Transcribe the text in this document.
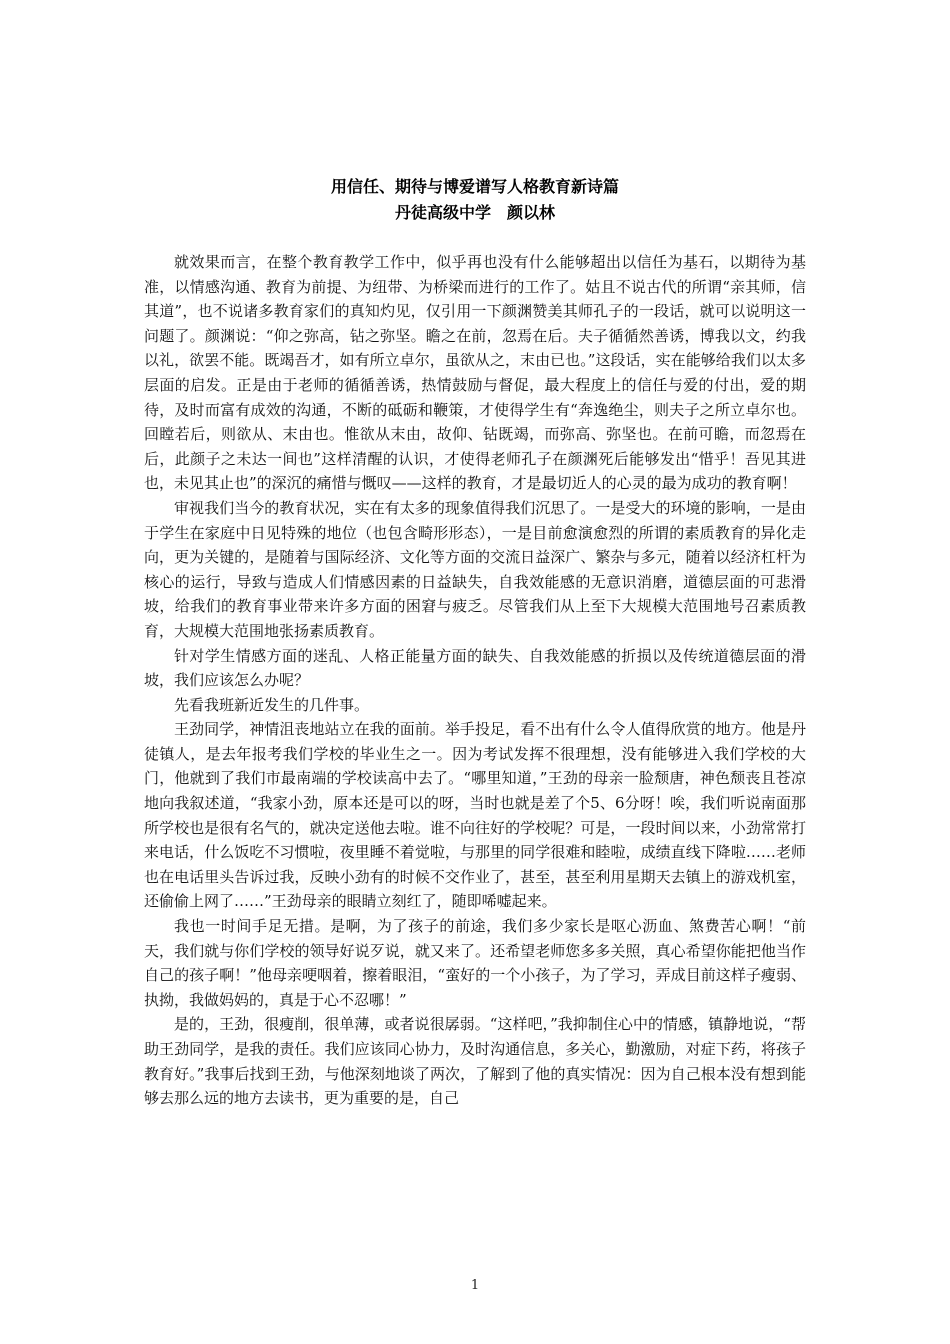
用信任、期待与博爱谱写人格教育新诗篇

丹徒高级中学　颜以林

就效果而言，在整个教育教学工作中，似乎再也没有什么能够超出以信任为基石，以期待为基准，以情感沟通、教育为前提、为纽带、为桥梁而进行的工作了。姑且不说古代的所谓“亲其师，信其道”，也不说诸多教育家们的真知灼见，仅引用一下颜渊赞美其师孔子的一段话，就可以说明这一问题了。颜渊说：“仰之弥高，钻之弥坚。瞻之在前，忽焉在后。夫子循循然善诱，博我以文，约我以礼，欲罢不能。既竭吾才，如有所立卓尔，虽欲从之，末由已也。”这段话，实在能够给我们以太多层面的启发。正是由于老师的循循善诱，热情鼓励与督促，最大程度上的信任与爱的付出，爱的期待，及时而富有成效的沟通，不断的砥砺和鞭策，才使得学生有“奔逸绝尘，则夫子之所立卓尔也。回瞠若后，则欲从、末由也。惟欲从末由，故仰、钻既竭，而弥高、弥坚也。在前可瞻，而忽焉在后，此颜子之未达一间也”这样清醒的认识，才使得老师孔子在颜渊死后能够发出“惜乎！吾见其进也，未见其止也”的深沉的痛惜与慨叹——这样的教育，才是最切近人的心灵的最为成功的教育啊！

审视我们当今的教育状况，实在有太多的现象值得我们沉思了。一是受大的环境的影响，一是由于学生在家庭中日见特殊的地位（也包含畸形形态），一是目前愈演愈烈的所谓的素质教育的异化走向，更为关键的，是随着与国际经济、文化等方面的交流日益深广、繁杂与多元，随着以经济杠杆为核心的运行，导致与造成人们情感因素的日益缺失，自我效能感的无意识消磨，道德层面的可悲滑坡，给我们的教育事业带来许多方面的困窘与疲乏。尽管我们从上至下大规模大范围地号召素质教育，大规模大范围地张扬素质教育。

针对学生情感方面的迷乱、人格正能量方面的缺失、自我效能感的折损以及传统道德层面的滑坡，我们应该怎么办呢？

先看我班新近发生的几件事。

王劲同学，神情沮丧地站立在我的面前。举手投足，看不出有什么令人值得欣赏的地方。他是丹徒镇人，是去年报考我们学校的毕业生之一。因为考试发挥不很理想，没有能够进入我们学校的大门，他就到了我们市最南端的学校读高中去了。“哪里知道，”王劲的母亲一脸颓唐，神色颓丧且苍凉地向我叙述道，“我家小劲，原本还是可以的呀，当时也就是差了个5、6分呀！唉，我们听说南面那所学校也是很有名气的，就决定送他去啦。谁不向往好的学校呢？可是，一段时间以来，小劲常常打来电话，什么饭吃不习惯啦，夜里睡不着觉啦，与那里的同学很难和睦啦，成绩直线下降啦……老师也在电话里头告诉过我，反映小劲有的时候不交作业了，甚至，甚至利用星期天去镇上的游戏机室，还偷偷上网了……”王劲母亲的眼睛立刻红了，随即唏嘘起来。

我也一时间手足无措。是啊，为了孩子的前途，我们多少家长是呕心沥血、煞费苦心啊！“前天，我们就与你们学校的领导好说歹说，就又来了。还希望老师您多多关照，真心希望你能把他当作自己的孩子啊！”他母亲哽咽着，擦着眼泪，“蛮好的一个小孩子，为了学习，弄成目前这样子瘦弱、执拗，我做妈妈的，真是于心不忍哪！”

是的，王劲，很瘦削，很单薄，或者说很孱弱。“这样吧，”我抑制住心中的情感，镇静地说，“帮助王劲同学，是我的责任。我们应该同心协力，及时沟通信息，多关心，勤激励，对症下药，将孩子教育好。”我事后找到王劲，与他深刻地谈了两次，了解到了他的真实情况：因为自己根本没有想到能够去那么远的地方去读书，更为重要的是，自己

1
